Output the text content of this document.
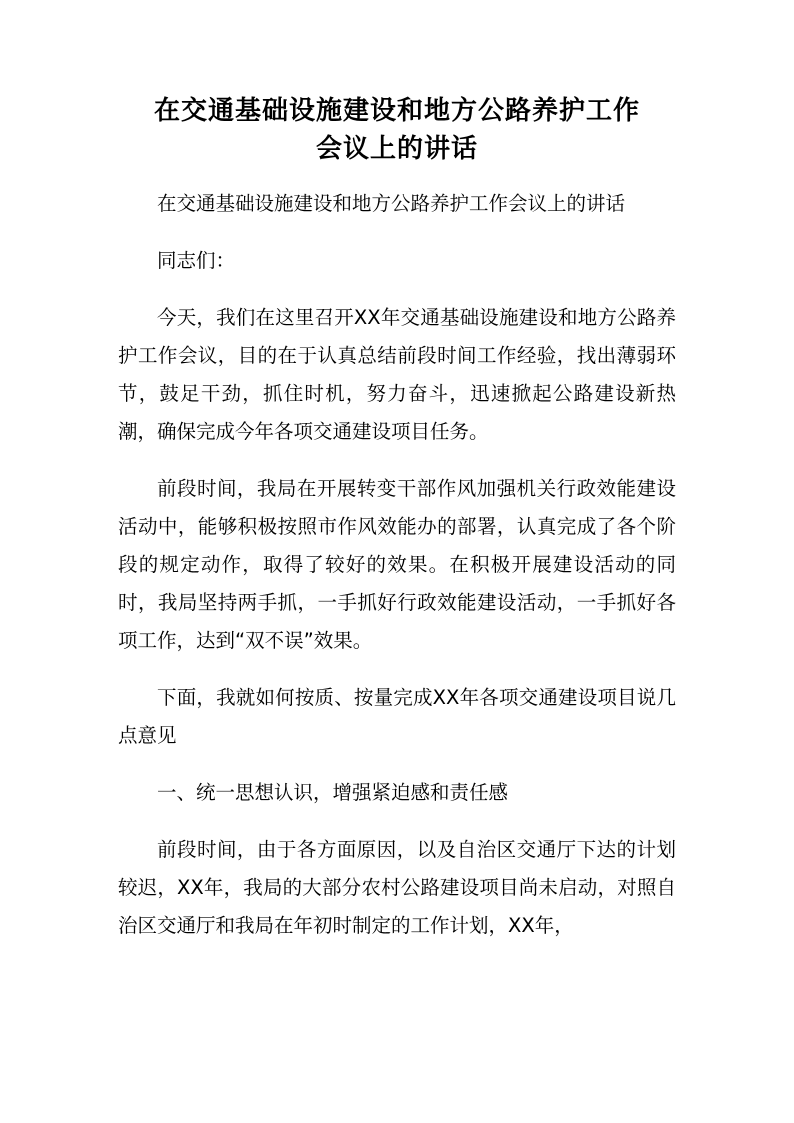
在交通基础设施建设和地方公路养护工作
会议上的讲话

在交通基础设施建设和地方公路养护工作会议上的讲话

同志们：

今天，我们在这里召开XX年交通基础设施建设和地方公路养护工作会议，目的在于认真总结前段时间工作经验，找出薄弱环节，鼓足干劲，抓住时机，努力奋斗，迅速掀起公路建设新热潮，确保完成今年各项交通建设项目任务。

前段时间，我局在开展转变干部作风加强机关行政效能建设活动中，能够积极按照市作风效能办的部署，认真完成了各个阶段的规定动作，取得了较好的效果。在积极开展建设活动的同时，我局坚持两手抓，一手抓好行政效能建设活动，一手抓好各项工作，达到“双不误”效果。

下面，我就如何按质、按量完成XX年各项交通建设项目说几点意见

一、统一思想认识，增强紧迫感和责任感

前段时间，由于各方面原因，以及自治区交通厅下达的计划较迟，XX年，我局的大部分农村公路建设项目尚未启动，对照自治区交通厅和我局在年初时制定的工作计划，XX年，
